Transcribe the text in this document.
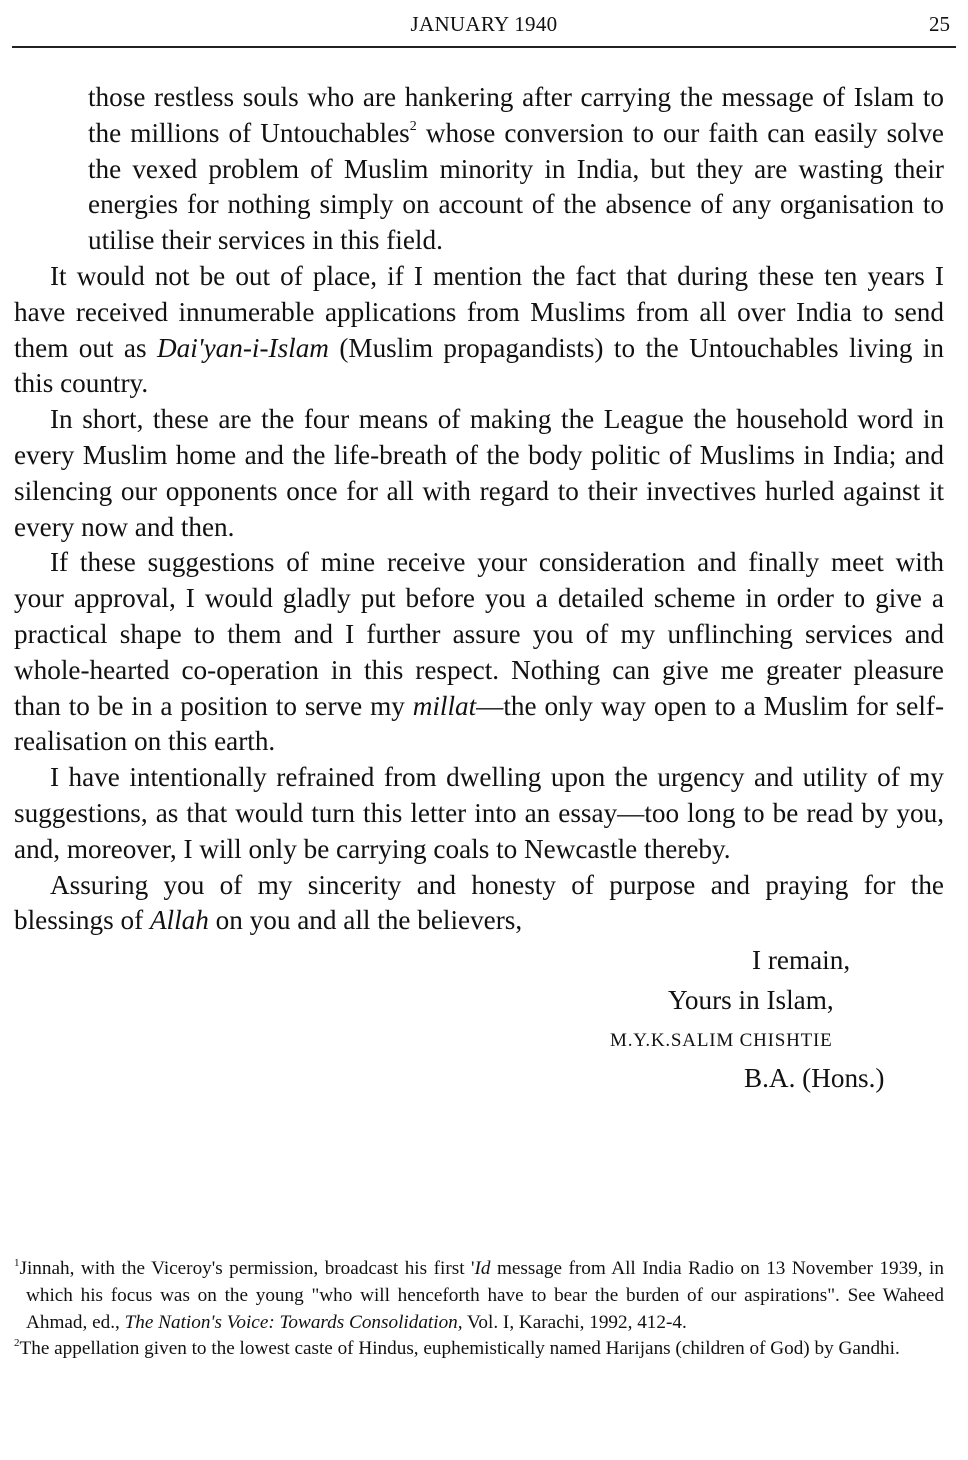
JANUARY 1940	25

those restless souls who are hankering after carrying the message of Islam to the millions of Untouchables$^2$ whose conversion to our faith can easily solve the vexed problem of Muslim minority in India, but they are wasting their energies for nothing simply on account of the absence of any organisation to utilise their services in this field.

It would not be out of place, if I mention the fact that during these ten years I have received innumerable applications from Muslims from all over India to send them out as Dai'yan-i-Islam (Muslim propagandists) to the Untouchables living in this country.

In short, these are the four means of making the League the household word in every Muslim home and the life-breath of the body politic of Muslims in India; and silencing our opponents once for all with regard to their invectives hurled against it every now and then.

If these suggestions of mine receive your consideration and finally meet with your approval, I would gladly put before you a detailed scheme in order to give a practical shape to them and I further assure you of my unflinching services and whole-hearted co-operation in this respect. Nothing can give me greater pleasure than to be in a position to serve my millat—the only way open to a Muslim for self-realisation on this earth.

I have intentionally refrained from dwelling upon the urgency and utility of my suggestions, as that would turn this letter into an essay—too long to be read by you, and, moreover, I will only be carrying coals to Newcastle thereby.

Assuring you of my sincerity and honesty of purpose and praying for the blessings of Allah on you and all the believers,

I remain,
Yours in Islam,
M.Y.K.SALIM CHISHTIE
B.A. (Hons.)

$^1$Jinnah, with the Viceroy's permission, broadcast his first 'Id message from All India Radio on 13 November 1939, in which his focus was on the young "who will henceforth have to bear the burden of our aspirations". See Waheed Ahmad, ed., The Nation's Voice: Towards Consolidation, Vol. I, Karachi, 1992, 412-4.

$^2$The appellation given to the lowest caste of Hindus, euphemistically named Harijans (children of God) by Gandhi.
